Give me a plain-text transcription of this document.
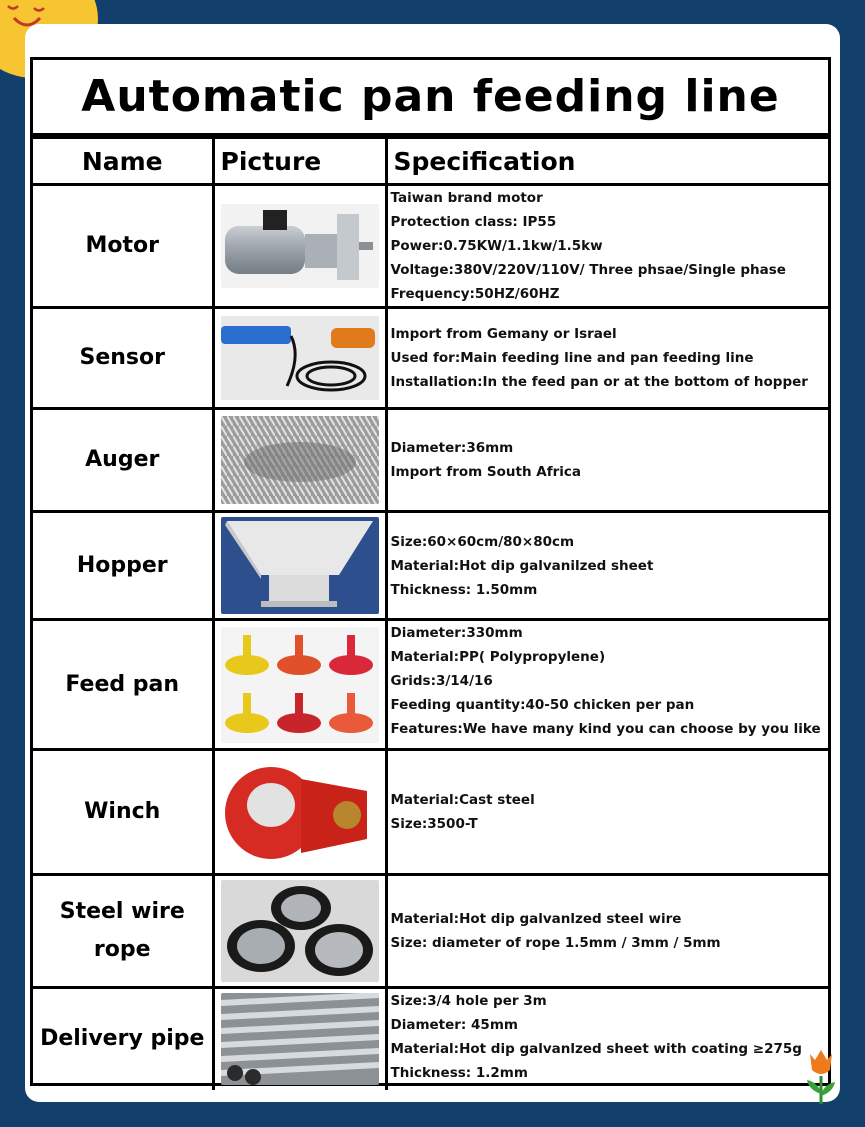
Automatic pan feeding line
Name	Picture	Specification
Motor		Taiwan brand motor
Protection class: IP55
Power:0.75KW/1.1kw/1.5kw
Voltage:380V/220V/110V/ Three phsae/Single phase
Frequency:50HZ/60HZ

Sensor		Import from Gemany or Israel
Used for:Main feeding line and pan feeding line
Installation:In the feed pan or at the bottom of hopper

Auger		Diameter:36mm
Import from South Africa

Hopper		Size:60×60cm/80×80cm
Material:Hot dip galvanilzed sheet
Thickness: 1.50mm

Feed pan		Diameter:330mm
Material:PP( Polypropylene)
Grids:3/14/16
Feeding quantity:40-50 chicken per pan
Features:We have many kind you can choose by you like

Winch		Material:Cast steel
Size:3500-T

Steel wire rope		Material:Hot dip galvanlzed steel wire
Size: diameter of rope 1.5mm / 3mm / 5mm

Delivery pipe		Size:3/4 hole per 3m
Diameter: 45mm
Material:Hot dip galvanlzed sheet with coating ≥275g
Thickness: 1.2mm
